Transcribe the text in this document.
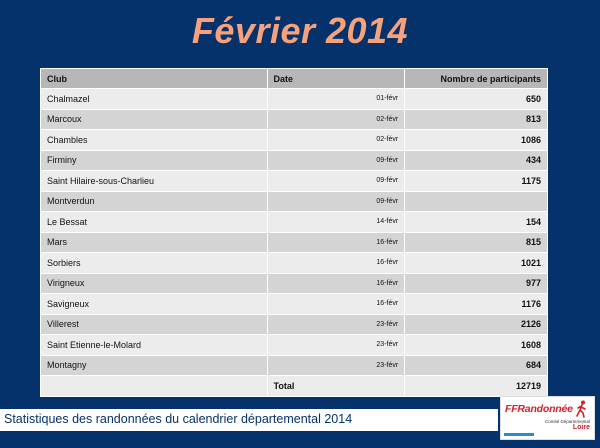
Février 2014
Club	Date	Nombre de participants
Chalmazel	01-févr	650
Marcoux	02-févr	813
Chambles	02-févr	1086
Firminy	09-févr	434
Saint Hilaire-sous-Charlieu	09-févr	1175
Montverdun	09-févr	
Le Bessat	14-févr	154
Mars	16-févr	815
Sorbiers	16-févr	1021
Virigneux	16-févr	977
Savigneux	16-févr	1176
Villerest	23-févr	2126
Saint Etienne-le-Molard	23-févr	1608
Montagny	23-févr	684
	Total	12719
Statistiques des randonnées du calendrier départemental 2014
FFRandonnée
Comité Départemental
Loire
